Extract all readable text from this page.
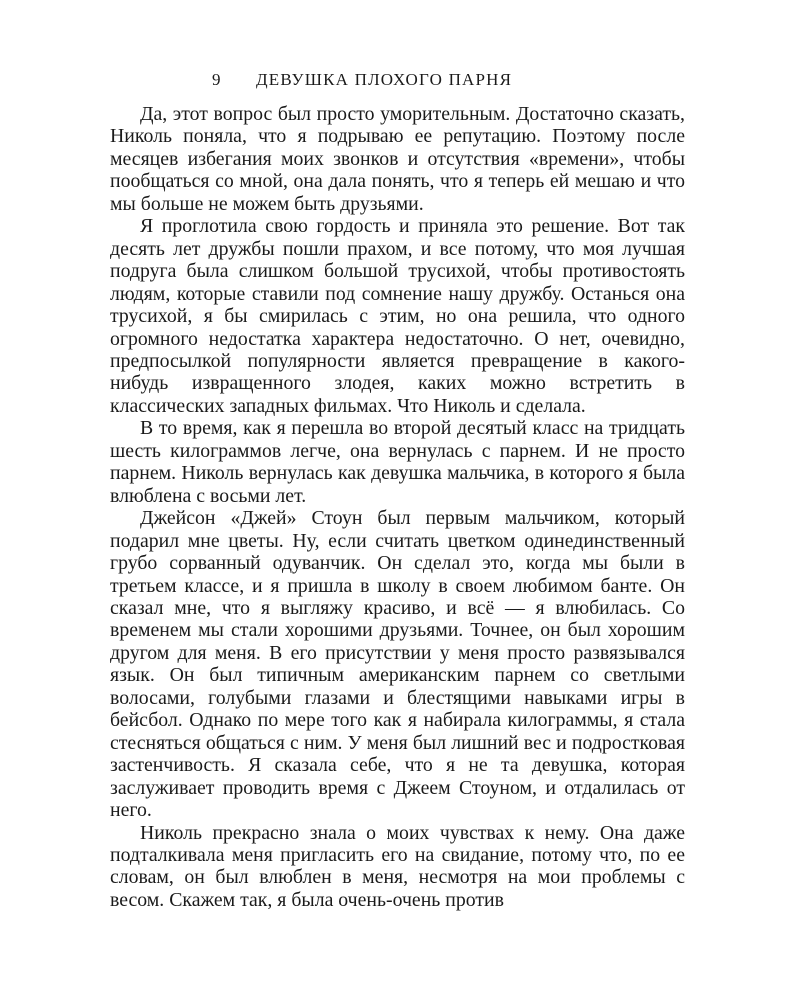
9 ДЕВУШКА ПЛОХОГО ПАРНЯ

Да, этот вопрос был просто уморительным. Достаточно сказать, Николь поняла, что я подрываю ее репутацию. Поэтому после месяцев избегания моих звонков и отсутствия «времени», чтобы пообщаться со мной, она дала понять, что я теперь ей мешаю и что мы больше не можем быть друзьями.

Я проглотила свою гордость и приняла это решение. Вот так десять лет дружбы пошли прахом, и все потому, что моя лучшая подруга была слишком большой трусихой, чтобы противостоять людям, которые ставили под сомнение нашу дружбу. Останься она трусихой, я бы смирилась с этим, но она решила, что одного огромного недостатка характера недостаточно. О нет, очевидно, предпосылкой популярности является превращение в какого-нибудь извращенного злодея, каких можно встретить в классических западных фильмах. Что Николь и сделала.

В то время, как я перешла во второй десятый класс на тридцать шесть килограммов легче, она вернулась с парнем. И не просто парнем. Николь вернулась как девушка мальчика, в которого я была влюблена с восьми лет.

Джейсон «Джей» Стоун был первым мальчиком, который подарил мне цветы. Ну, если считать цветком одинединственный грубо сорванный одуванчик. Он сделал это, когда мы были в третьем классе, и я пришла в школу в своем любимом банте. Он сказал мне, что я выгляжу красиво, и всё — я влюбилась. Со временем мы стали хорошими друзьями. Точнее, он был хорошим другом для меня. В его присутствии у меня просто развязывался язык. Он был типичным американским парнем со светлыми волосами, голубыми глазами и блестящими навыками игры в бейсбол. Однако по мере того как я набирала килограммы, я стала стесняться общаться с ним. У меня был лишний вес и подростковая застенчивость. Я сказала себе, что я не та девушка, которая заслуживает проводить время с Джеем Стоуном, и отдалилась от него.

Николь прекрасно знала о моих чувствах к нему. Она даже подталкивала меня пригласить его на свидание, потому что, по ее словам, он был влюблен в меня, несмотря на мои проблемы с весом. Скажем так, я была очень-очень против
